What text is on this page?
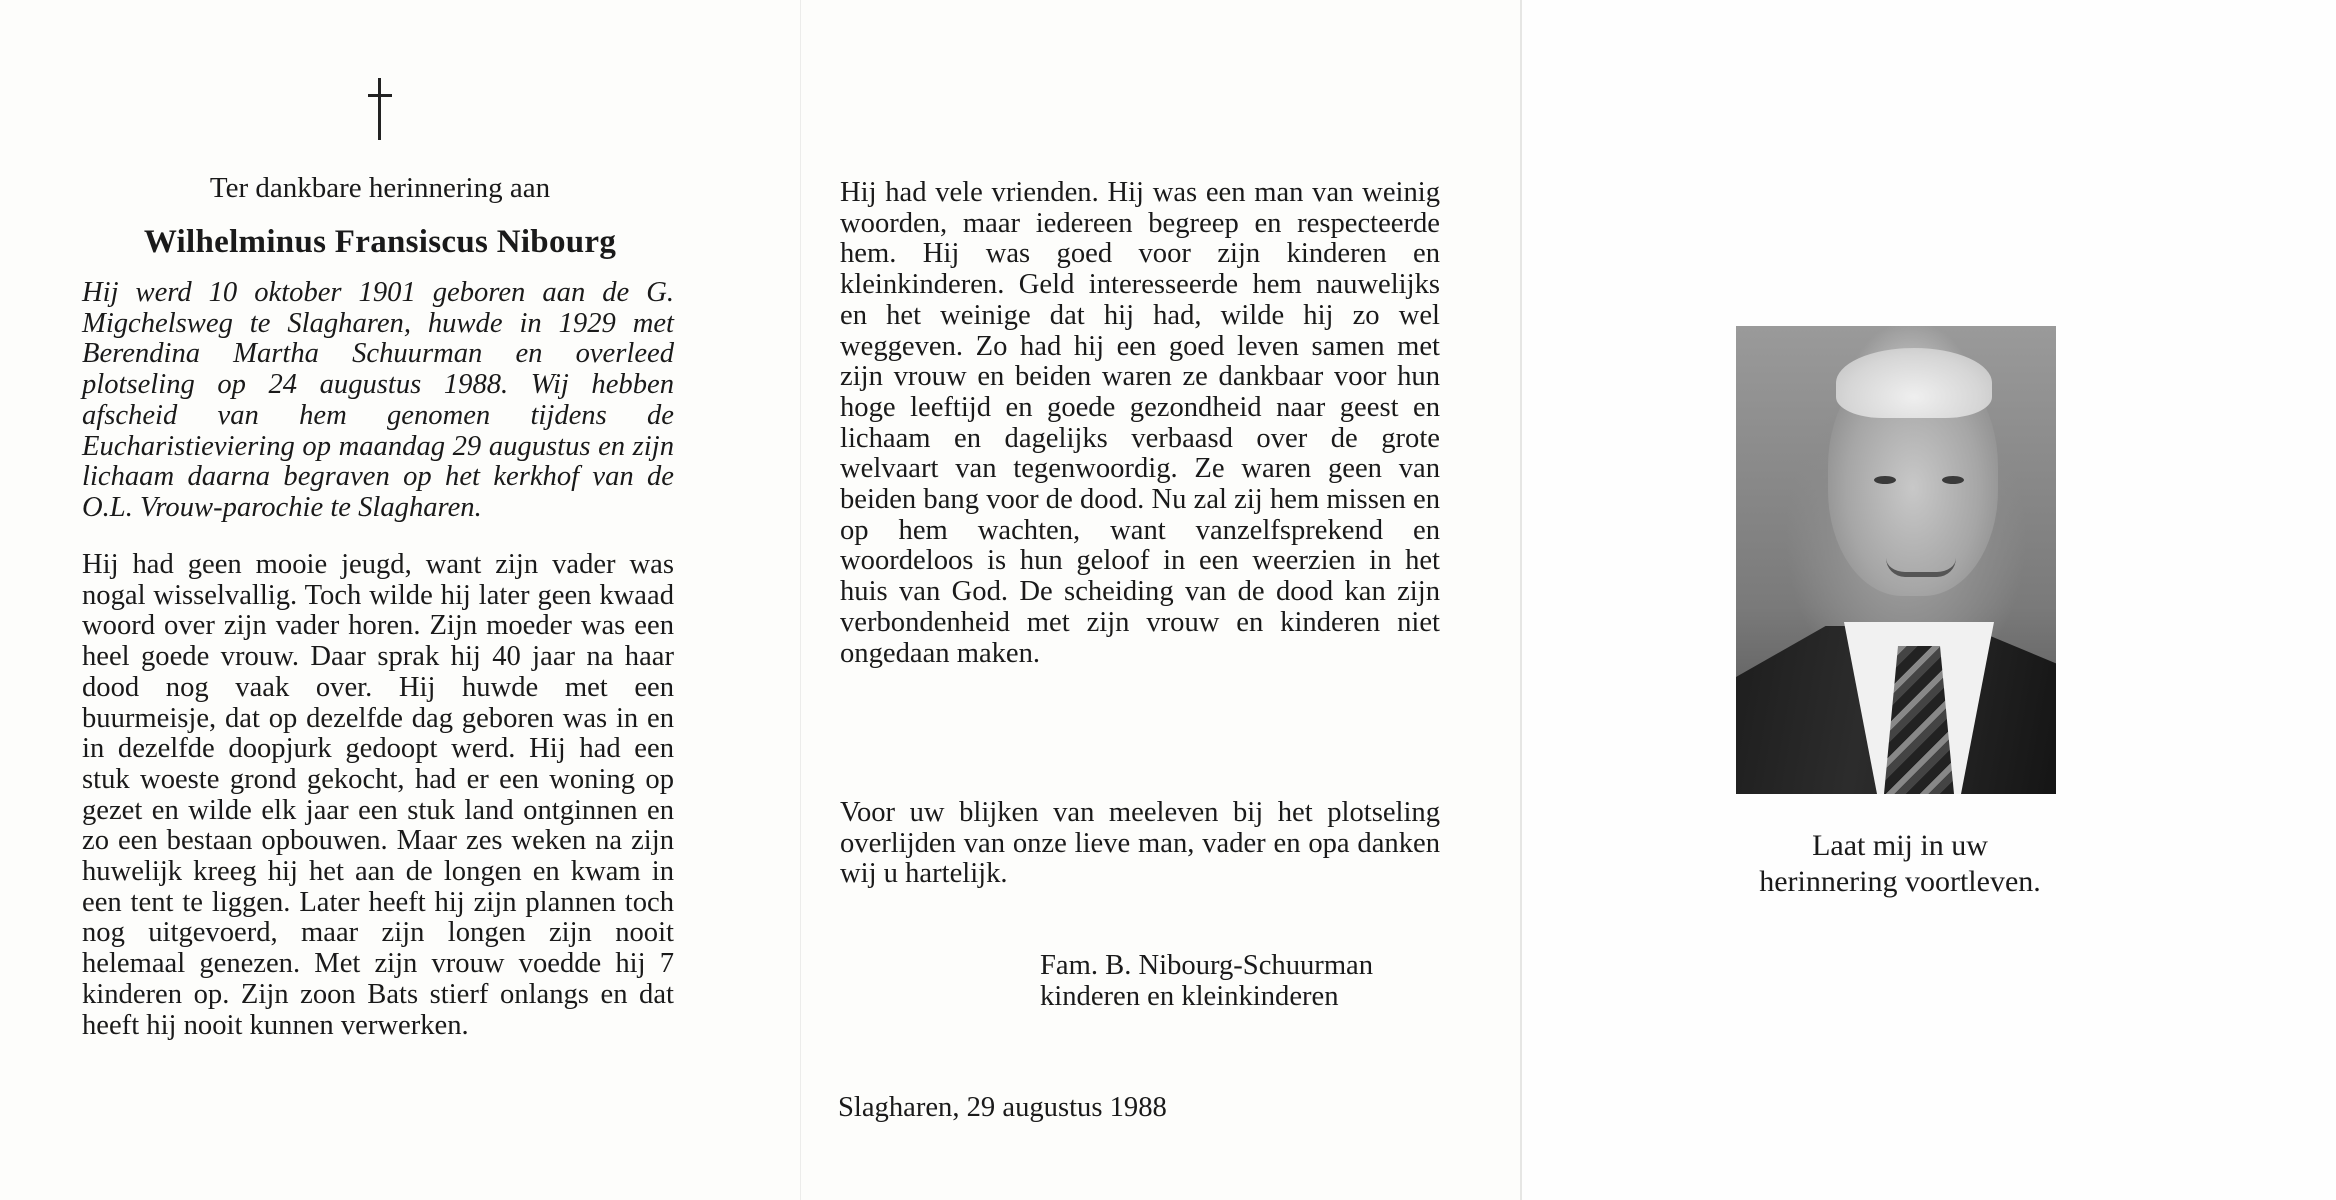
Ter dankbare herinnering aan
Wilhelminus Fransiscus Nibourg
Hij werd 10 oktober 1901 geboren aan de G. Migchelsweg te Slagharen, huwde in 1929 met Berendina Martha Schuurman en overleed plotseling op 24 augustus 1988. Wij hebben afscheid van hem genomen tijdens de Eucharistieviering op maandag 29 augustus en zijn lichaam daarna begraven op het kerkhof van de O.L. Vrouw-parochie te Slagharen.
Hij had geen mooie jeugd, want zijn vader was nogal wisselvallig. Toch wilde hij later geen kwaad woord over zijn vader horen. Zijn moeder was een heel goede vrouw. Daar sprak hij 40 jaar na haar dood nog vaak over. Hij huwde met een buurmeisje, dat op dezelfde dag geboren was in en in dezelfde doopjurk gedoopt werd. Hij had een stuk woeste grond gekocht, had er een woning op gezet en wilde elk jaar een stuk land ontginnen en zo een bestaan opbouwen. Maar zes weken na zijn huwelijk kreeg hij het aan de longen en kwam in een tent te liggen. Later heeft hij zijn plannen toch nog uitgevoerd, maar zijn longen zijn nooit helemaal genezen. Met zijn vrouw voedde hij 7 kinderen op. Zijn zoon Bats stierf onlangs en dat heeft hij nooit kunnen verwerken.
Hij had vele vrienden. Hij was een man van weinig woorden, maar iedereen begreep en respecteerde hem. Hij was goed voor zijn kinderen en kleinkinderen. Geld interesseerde hem nauwelijks en het weinige dat hij had, wilde hij zo wel weggeven. Zo had hij een goed leven samen met zijn vrouw en beiden waren ze dankbaar voor hun hoge leeftijd en goede gezondheid naar geest en lichaam en dagelijks verbaasd over de grote welvaart van tegenwoordig. Ze waren geen van beiden bang voor de dood. Nu zal zij hem missen en op hem wachten, want vanzelfsprekend en woordeloos is hun geloof in een weerzien in het huis van God. De scheiding van de dood kan zijn verbondenheid met zijn vrouw en kinderen niet ongedaan maken.
Voor uw blijken van meeleven bij het plotseling overlijden van onze lieve man, vader en opa danken wij u hartelijk.
Fam. B. Nibourg-Schuurman
kinderen en kleinkinderen
Slagharen, 29 augustus 1988
Laat mij in uw
herinnering voortleven.
